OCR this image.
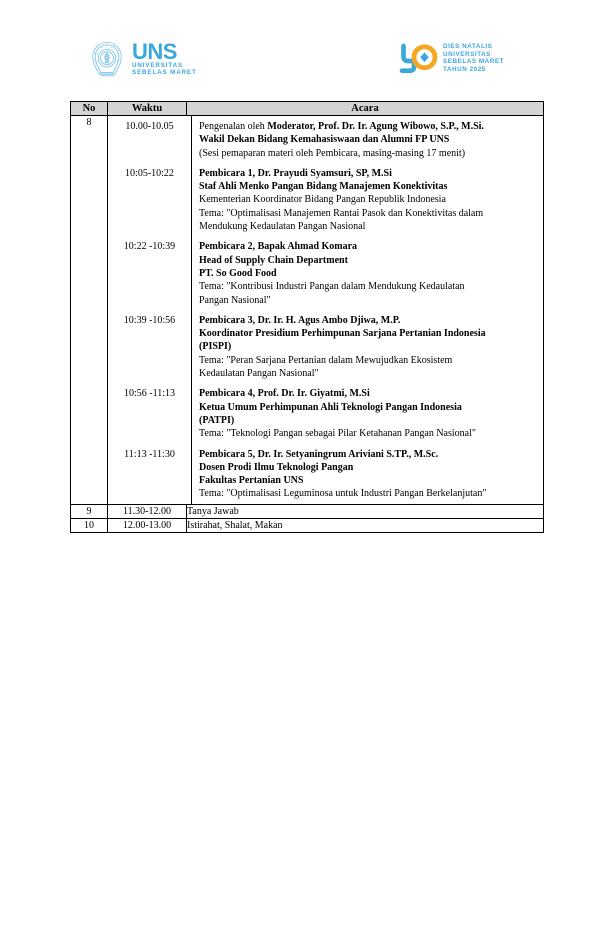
UNS
UNIVERSITAS
SEBELAS MARET
DIES NATALIS
UNIVERSITAS
SEBELAS MARET
TAHUN 2025
No	Waktu	Acara
8		10.00-10.05	Pengenalan oleh Moderator, Prof. Dr. Ir. Agung Wibowo, S.P., M.Si.
Wakil Dekan Bidang Kemahasiswaan dan Alumni FP UNS
(Sesi pemaparan materi oleh Pembicara, masing-masing 17 menit)

10:05-10:22	Pembicara 1, Dr. Prayudi Syamsuri, SP, M.Si
Staf Ahli Menko Pangan Bidang Manajemen Konektivitas
Kementerian Koordinator Bidang Pangan Republik Indonesia
Tema: "Optimalisasi Manajemen Rantai Pasok dan Konektivitas dalam
Mendukung Kedaulatan Pangan Nasional

10:22 -10:39	Pembicara 2, Bapak Ahmad Komara
Head of Supply Chain Department
PT. So Good Food
Tema: "Kontribusi Industri Pangan dalam Mendukung Kedaulatan
Pangan Nasional"

10:39 -10:56	Pembicara 3, Dr. Ir. H. Agus Ambo Djiwa, M.P.
Koordinator Presidium Perhimpunan Sarjana Pertanian Indonesia
(PISPI)
Tema: "Peran Sarjana Pertanian dalam Mewujudkan Ekosistem
Kedaulatan Pangan Nasional"

10:56 -11:13	Pembicara 4, Prof. Dr. Ir. Giyatmi, M.Si
Ketua Umum Perhimpunan Ahli Teknologi Pangan Indonesia
(PATPI)
Tema: "Teknologi Pangan sebagai Pilar Ketahanan Pangan Nasional"

11:13 -11:30	Pembicara 5, Dr. Ir. Setyaningrum Ariviani S.TP., M.Sc.
Dosen Prodi Ilmu Teknologi Pangan
Fakultas Pertanian UNS
Tema: "Optimalisasi Leguminosa untuk Industri Pangan Berkelanjutan"

9	11.30-12.00	Tanya Jawab
10	12.00-13.00	Istirahat, Shalat, Makan
